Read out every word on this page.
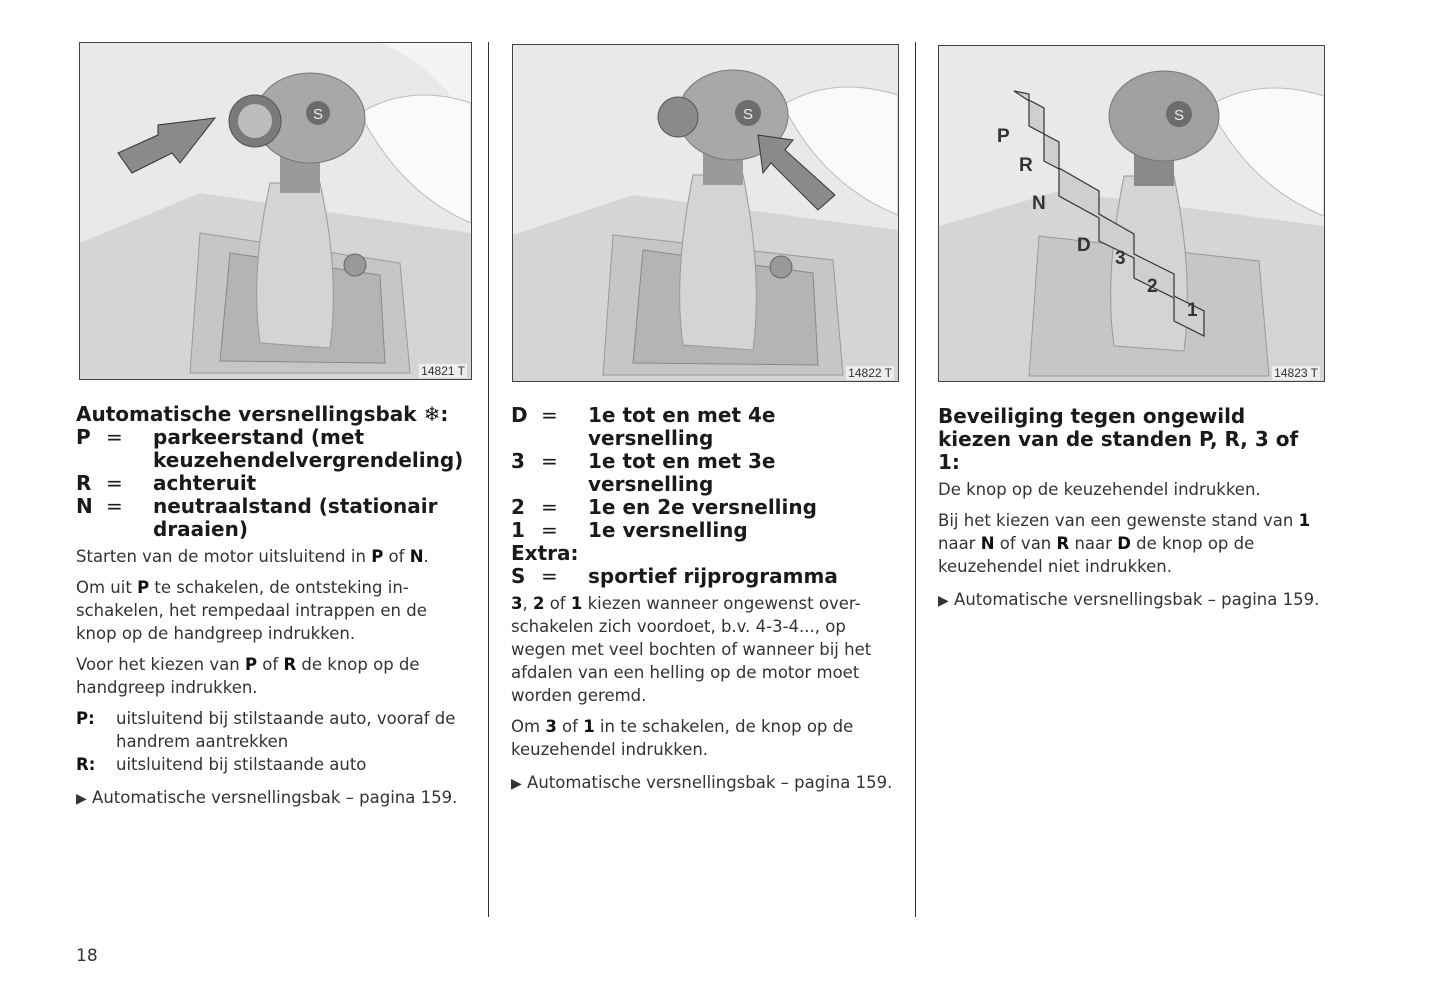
S
14821 T
S
14822 T
S
P
R
N
D
3
2
1
14823 T
Automatische versnellingsbak ❄:
P =	parkeerstand (met keuzehendelvergrendeling)
R =	achteruit
N =	neutraalstand (stationair draaien)

Starten van de motor uitsluitend in P of N.

Om uit P te schakelen, de ontsteking in-schakelen, het rempedaal intrappen en de knop op de handgreep indrukken.

Voor het kiezen van P of R de knop op de handgreep indrukken.

P:	uitsluitend bij stilstaande auto, vooraf de handrem aantrekken
R:	uitsluitend bij stilstaande auto
▶ Automatische versnellingsbak – pagina 159.
D =	1e tot en met 4e versnelling
3 =	1e tot en met 3e versnelling
2 =	1e en 2e versnelling
1 =	1e versnelling
Extra:
S =	sportief rijprogramma

3, 2 of 1 kiezen wanneer ongewenst over-schakelen zich voordoet, b.v. 4-3-4..., op wegen met veel bochten of wanneer bij het afdalen van een helling op de motor moet worden geremd.

Om 3 of 1 in te schakelen, de knop op de keuzehendel indrukken.

▶ Automatische versnellingsbak – pagina 159.
Beveiliging tegen ongewild kiezen van de standen P, R, 3 of 1:

De knop op de keuzehendel indrukken.

Bij het kiezen van een gewenste stand van 1 naar N of van R naar D de knop op de keuzehendel niet indrukken.

▶ Automatische versnellingsbak – pagina 159.
18
